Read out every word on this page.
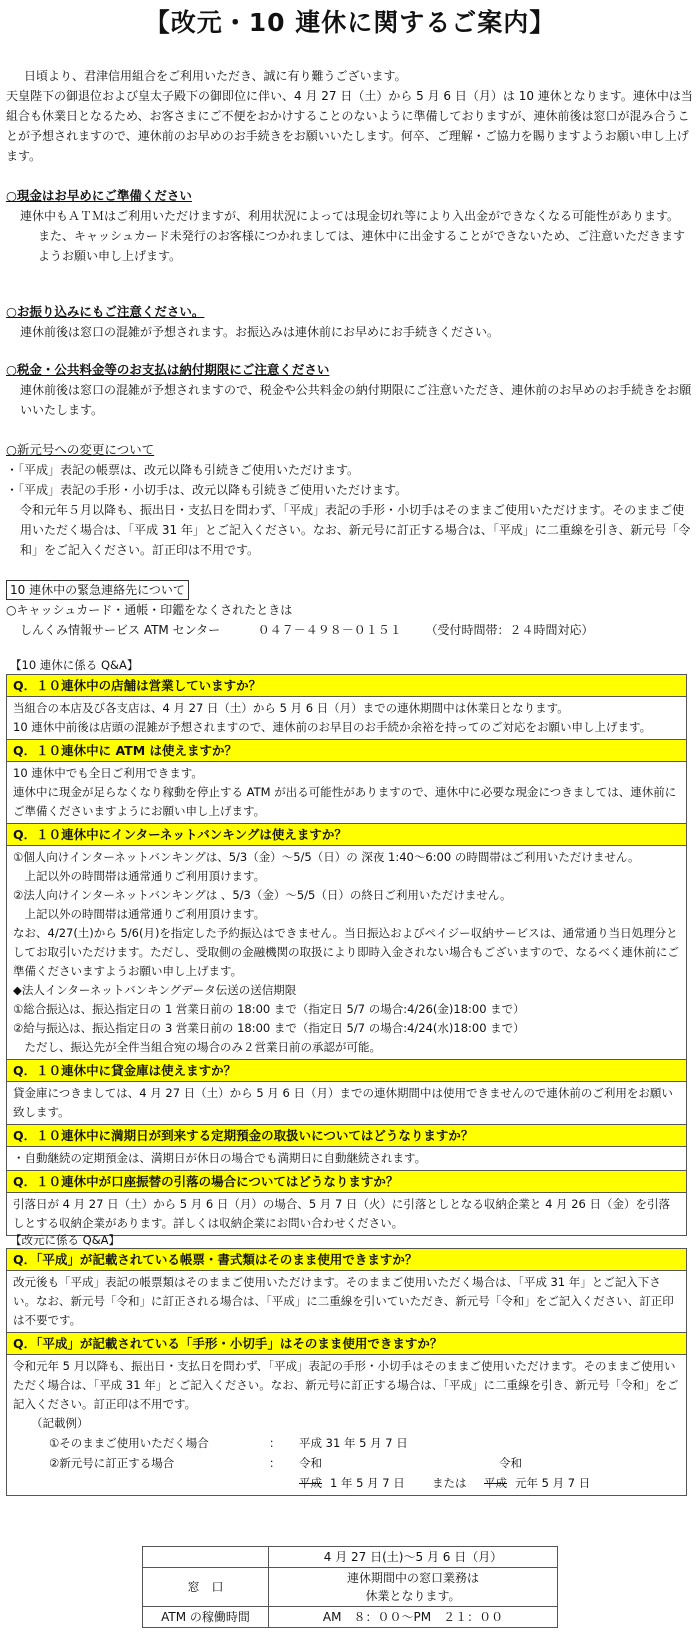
【改元・10 連休に関するご案内】

日頃より、君津信用組合をご利用いただき、誠に有り難うございます。

天皇陛下の御退位および皇太子殿下の御即位に伴い、4 月 27 日（土）から 5 月 6 日（月）は 10 連休となります。連休中は当組合も休業日となるため、お客さまにご不便をおかけすることのないように準備しておりますが、連休前後は窓口が混み合うことが予想されますので、連休前のお早めのお手続きをお願いいたします。何卒、ご理解・ご協力を賜りますようお願い申し上げます。

○現金はお早めにご準備ください

連休中もＡＴＭはご利用いただけますが、利用状況によっては現金切れ等により入出金ができなくなる可能性があります。

また、キャッシュカード未発行のお客様につかれましては、連休中に出金することができないため、ご注意いただきますようお願い申し上げます。

○お振り込みにもご注意ください。

連休前後は窓口の混雑が予想されます。お振込みは連休前にお早めにお手続きください。

○税金・公共料金等のお支払は納付期限にご注意ください

連休前後は窓口の混雑が予想されますので、税金や公共料金の納付期限にご注意いただき、連休前のお早めのお手続きをお願いいたします。

○新元号への変更について

・「平成」表記の帳票は、改元以降も引続きご使用いただけます。

・「平成」表記の手形・小切手は、改元以降も引続きご使用いただけます。

令和元年５月以降も、振出日・支払日を問わず、「平成」表記の手形・小切手はそのままご使用いただけます。そのままご使用いただく場合は、「平成 31 年」とご記入ください。なお、新元号に訂正する場合は、「平成」に二重線を引き、新元号「令和」をご記入ください。訂正印は不用です。

10 連休中の緊急連絡先について

○キャッシュカード・通帳・印鑑をなくされたときは

しんくみ情報サービス ATM センター	０４７－４９８－０１５１ （受付時間帯：２４時間対応）

【10 連休に係る Q&A】
Q．１０連休中の店舗は営業していますか？

当組合の本店及び各支店は、4 月 27 日（土）から 5 月 6 日（月）までの連休期間中は休業日となります。

10 連休中前後は店頭の混雑が予想されますので、連休前のお早目のお手続か余裕を持ってのご対応をお願い申し上げます。

Q．１０連休中に ATM は使えますか？

10 連休中でも全日ご利用できます。

連休中に現金が足らなくなり稼動を停止する ATM が出る可能性がありますので、連休中に必要な現金につきましては、連休前にご準備くださいますようにお願い申し上げます。

Q．１０連休中にインターネットバンキングは使えますか？

①個人向けインターネットバンキングは、5/3（金）～5/5（日）の 深夜 1:40～6:00 の時間帯はご利用いただけません。

　上記以外の時間帯は通常通りご利用頂けます。

②法人向けインターネットバンキングは 、5/3（金）～5/5（日）の終日ご利用いただけません。

　上記以外の時間帯は通常通りご利用頂けます。

なお、4/27(土)から 5/6(月)を指定した予約振込はできません。当日振込およびペイジー収納サービスは、通常通り当日処理分としてお取引いただけます。ただし、受取側の金融機関の取扱により即時入金されない場合もございますので、なるべく連休前にご準備くださいますようお願い申し上げます。

◆法人インターネットバンキングデータ伝送の送信期限

①総合振込は、振込指定日の 1 営業日前の 18:00 まで（指定日 5/7 の場合:4/26(金)18:00 まで）

②給与振込は、振込指定日の 3 営業日前の 18:00 まで（指定日 5/7 の場合:4/24(水)18:00 まで）

　ただし、振込先が全件当組合宛の場合のみ２営業日前の承認が可能。

Q．１０連休中に貸金庫は使えますか？

貸金庫につきましては、4 月 27 日（土）から 5 月 6 日（月）までの連休期間中は使用できませんので連休前のご利用をお願い致します。

Q．１０連休中に満期日が到来する定期預金の取扱いについてはどうなりますか？

・自動継続の定期預金は、満期日が休日の場合でも満期日に自動継続されます。

Q．１０連休中が口座振替の引落の場合についてはどうなりますか？

引落日が 4 月 27 日（土）から 5 月 6 日（月）の場合、5 月 7 日（火）に引落としとなる収納企業と 4 月 26 日（金）を引落しとする収納企業があります。詳しくは収納企業にお問い合わせください。

【改元に係る Q&A】
Q．「平成」が記載されている帳票・書式類はそのまま使用できますか？

改元後も「平成」表記の帳票類はそのままご使用いただけます。そのままご使用いただく場合は、「平成 31 年」とご記入下さい。なお、新元号「令和」に訂正される場合は、「平成」に二重線を引いていただき、新元号「令和」をご記入ください、訂正印は不要です。

Q．「平成」が記載されている「手形・小切手」はそのまま使用できますか？

令和元年 5 月以降も、振出日・支払日を問わず、「平成」表記の手形・小切手はそのままご使用いただけます。そのままご使用いただく場合は、「平成 31 年」とご記入ください。なお、新元号に訂正する場合は、「平成」に二重線を引き、新元号「令和」をご記入ください。訂正印は不用です。

（記載例）

①そのままご使用いただく場合	：	平成 31 年 5 月 7 日
②新元号に訂正する場合	：	令和	令和
平成 1 年 5 月 7 日	または	平成 元年 5 月 7 日
	4 月 27 日(土)～5 月 6 日（月）
窓　口	連休期間中の窓口業務は
休業となります。

ATM の稼働時間	AM　８：００～PM　２１：００
